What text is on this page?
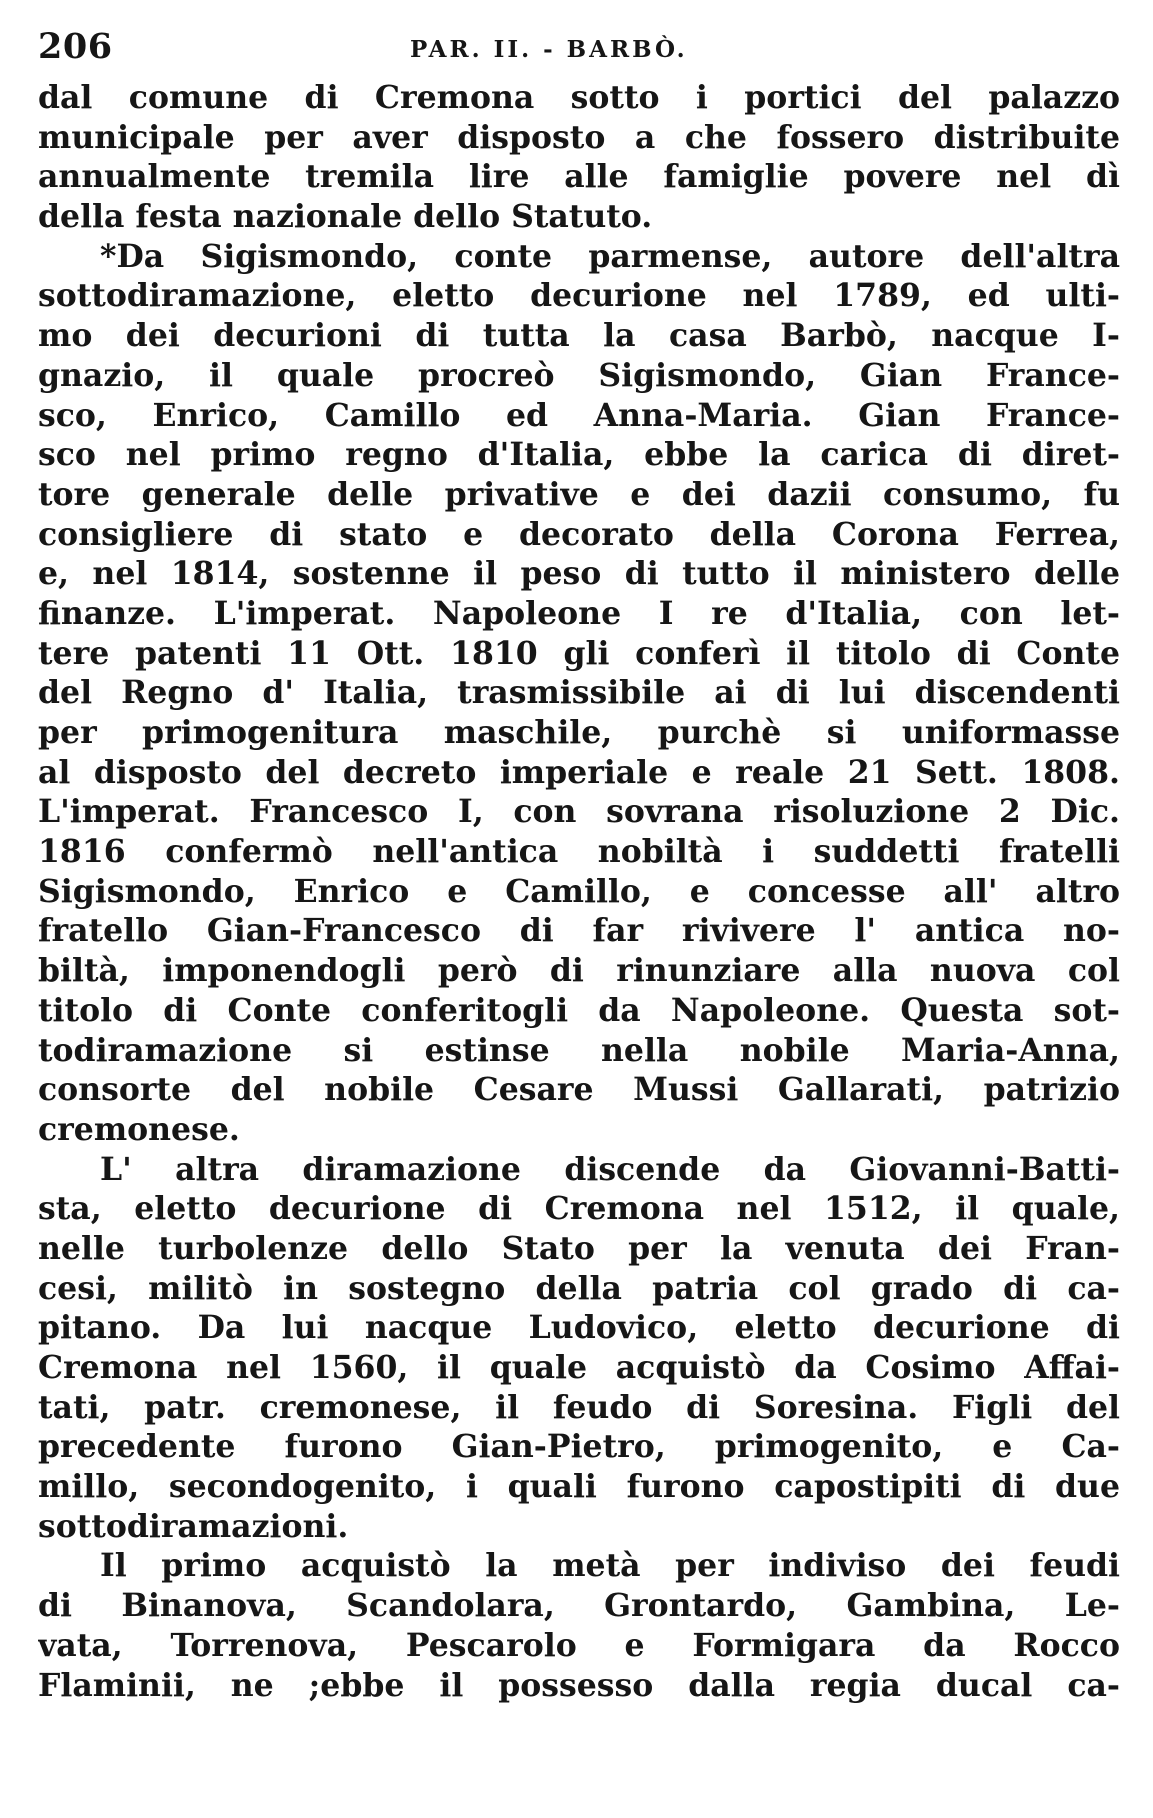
206	PAR. II. - BARBÒ.
dal comune di Cremona sotto i portici del palazzo
municipale per aver disposto a che fossero distribuite
annualmente tremila lire alle famiglie povere nel dì
della festa nazionale dello Statuto.
*Da Sigismondo, conte parmense, autore dell'altra
sottodiramazione, eletto decurione nel 1789, ed ulti-
mo dei decurioni di tutta la casa Barbò, nacque I-
gnazio, il quale procreò Sigismondo, Gian France-
sco, Enrico, Camillo ed Anna-Maria. Gian France-
sco nel primo regno d'Italia, ebbe la carica di diret-
tore generale delle privative e dei dazii consumo, fu
consigliere di stato e decorato della Corona Ferrea,
e, nel 1814, sostenne il peso di tutto il ministero delle
finanze. L'imperat. Napoleone I re d'Italia, con let-
tere patenti 11 Ott. 1810 gli conferì il titolo di Conte
del Regno d' Italia, trasmissibile ai di lui discendenti
per primogenitura maschile, purchè si uniformasse
al disposto del decreto imperiale e reale 21 Sett. 1808.
L'imperat. Francesco I, con sovrana risoluzione 2 Dic.
1816 confermò nell'antica nobiltà i suddetti fratelli
Sigismondo, Enrico e Camillo, e concesse all' altro
fratello Gian-Francesco di far rivivere l' antica no-
biltà, imponendogli però di rinunziare alla nuova col
titolo di Conte conferitogli da Napoleone. Questa sot-
todiramazione si estinse nella nobile Maria-Anna,
consorte del nobile Cesare Mussi Gallarati, patrizio
cremonese.
L' altra diramazione discende da Giovanni-Batti-
sta, eletto decurione di Cremona nel 1512, il quale,
nelle turbolenze dello Stato per la venuta dei Fran-
cesi, militò in sostegno della patria col grado di ca-
pitano. Da lui nacque Ludovico, eletto decurione di
Cremona nel 1560, il quale acquistò da Cosimo Affai-
tati, patr. cremonese, il feudo di Soresina. Figli del
precedente furono Gian-Pietro, primogenito, e Ca-
millo, secondogenito, i quali furono capostipiti di due
sottodiramazioni.
Il primo acquistò la metà per indiviso dei feudi
di Binanova, Scandolara, Grontardo, Gambina, Le-
vata, Torrenova, Pescarolo e Formigara da Rocco
Flaminii, ne ;ebbe il possesso dalla regia ducal ca-
